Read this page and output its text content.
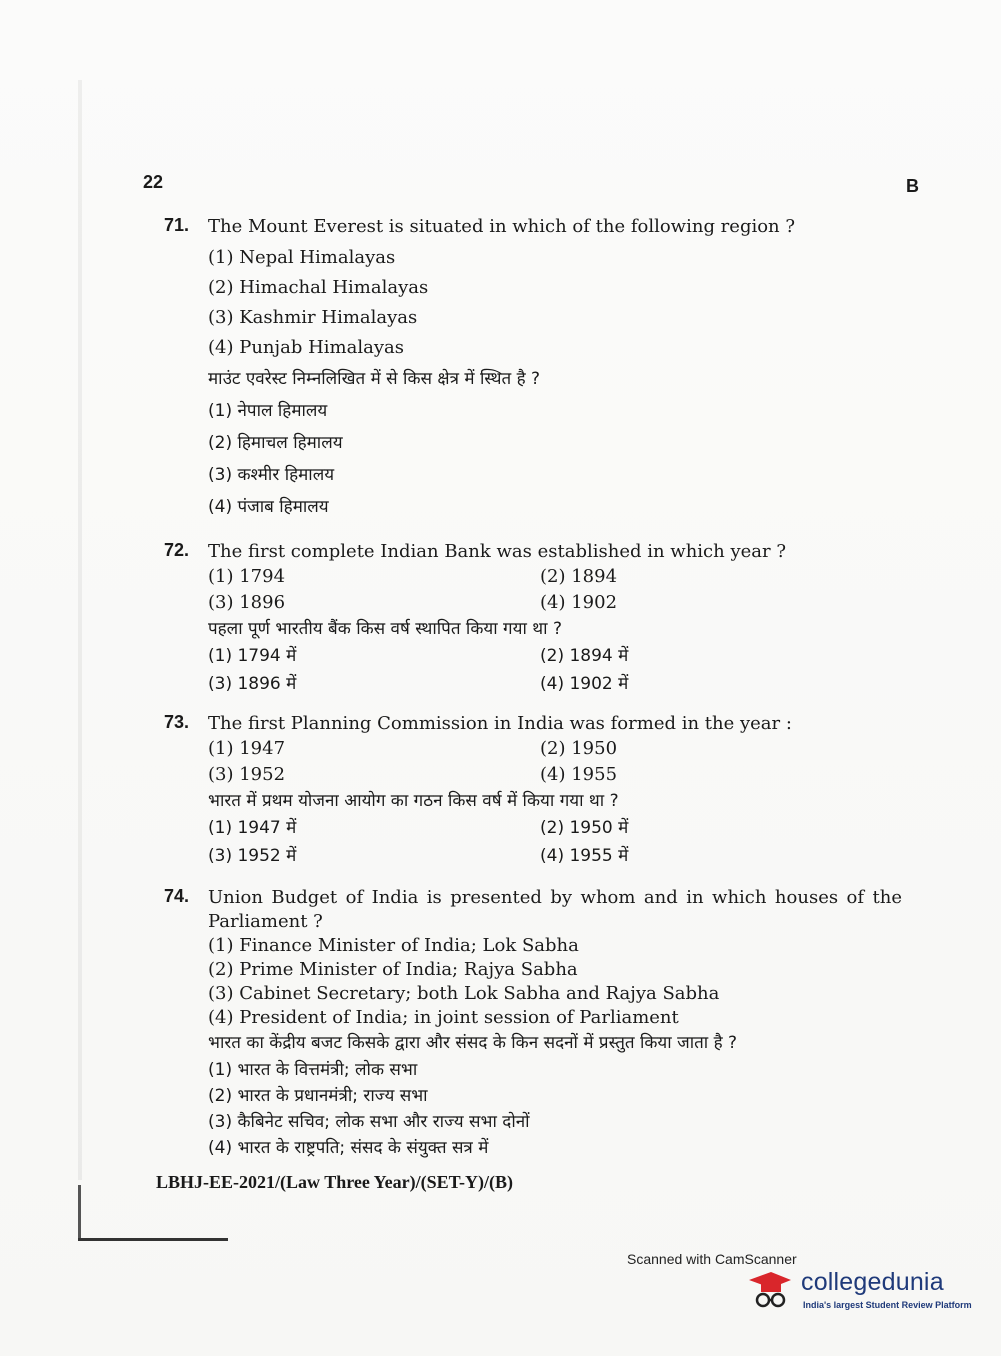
22	B
71. The Mount Everest is situated in which of the following region ?
(1) Nepal Himalayas
(2) Himachal Himalayas
(3) Kashmir Himalayas
(4) Punjab Himalayas
माउंट एवरेस्ट निम्नलिखित में से किस क्षेत्र में स्थित है ?
(1) नेपाल हिमालय
(2) हिमाचल हिमालय
(3) कश्मीर हिमालय
(4) पंजाब हिमालय
72. The first complete Indian Bank was established in which year ?
(1) 1794	(2) 1894
(3) 1896	(4) 1902
पहला पूर्ण भारतीय बैंक किस वर्ष स्थापित किया गया था ?
(1) 1794 में	(2) 1894 में
(3) 1896 में	(4) 1902 में
73. The first Planning Commission in India was formed in the year :
(1) 1947	(2) 1950
(3) 1952	(4) 1955
भारत में प्रथम योजना आयोग का गठन किस वर्ष में किया गया था ?
(1) 1947 में	(2) 1950 में
(3) 1952 में	(4) 1955 में
74. Union Budget of India is presented by whom and in which houses of the Parliament ?
(1) Finance Minister of India; Lok Sabha
(2) Prime Minister of India; Rajya Sabha
(3) Cabinet Secretary; both Lok Sabha and Rajya Sabha
(4) President of India; in joint session of Parliament
भारत का केंद्रीय बजट किसके द्वारा और संसद के किन सदनों में प्रस्तुत किया जाता है ?
(1) भारत के वित्तमंत्री; लोक सभा
(2) भारत के प्रधानमंत्री; राज्य सभा
(3) कैबिनेट सचिव; लोक सभा और राज्य सभा दोनों
(4) भारत के राष्ट्रपति; संसद के संयुक्त सत्र में
LBHJ-EE-2021/(Law Three Year)/(SET-Y)/(B)
Scanned with CamScanner
collegedunia
India's largest Student Review Platform
